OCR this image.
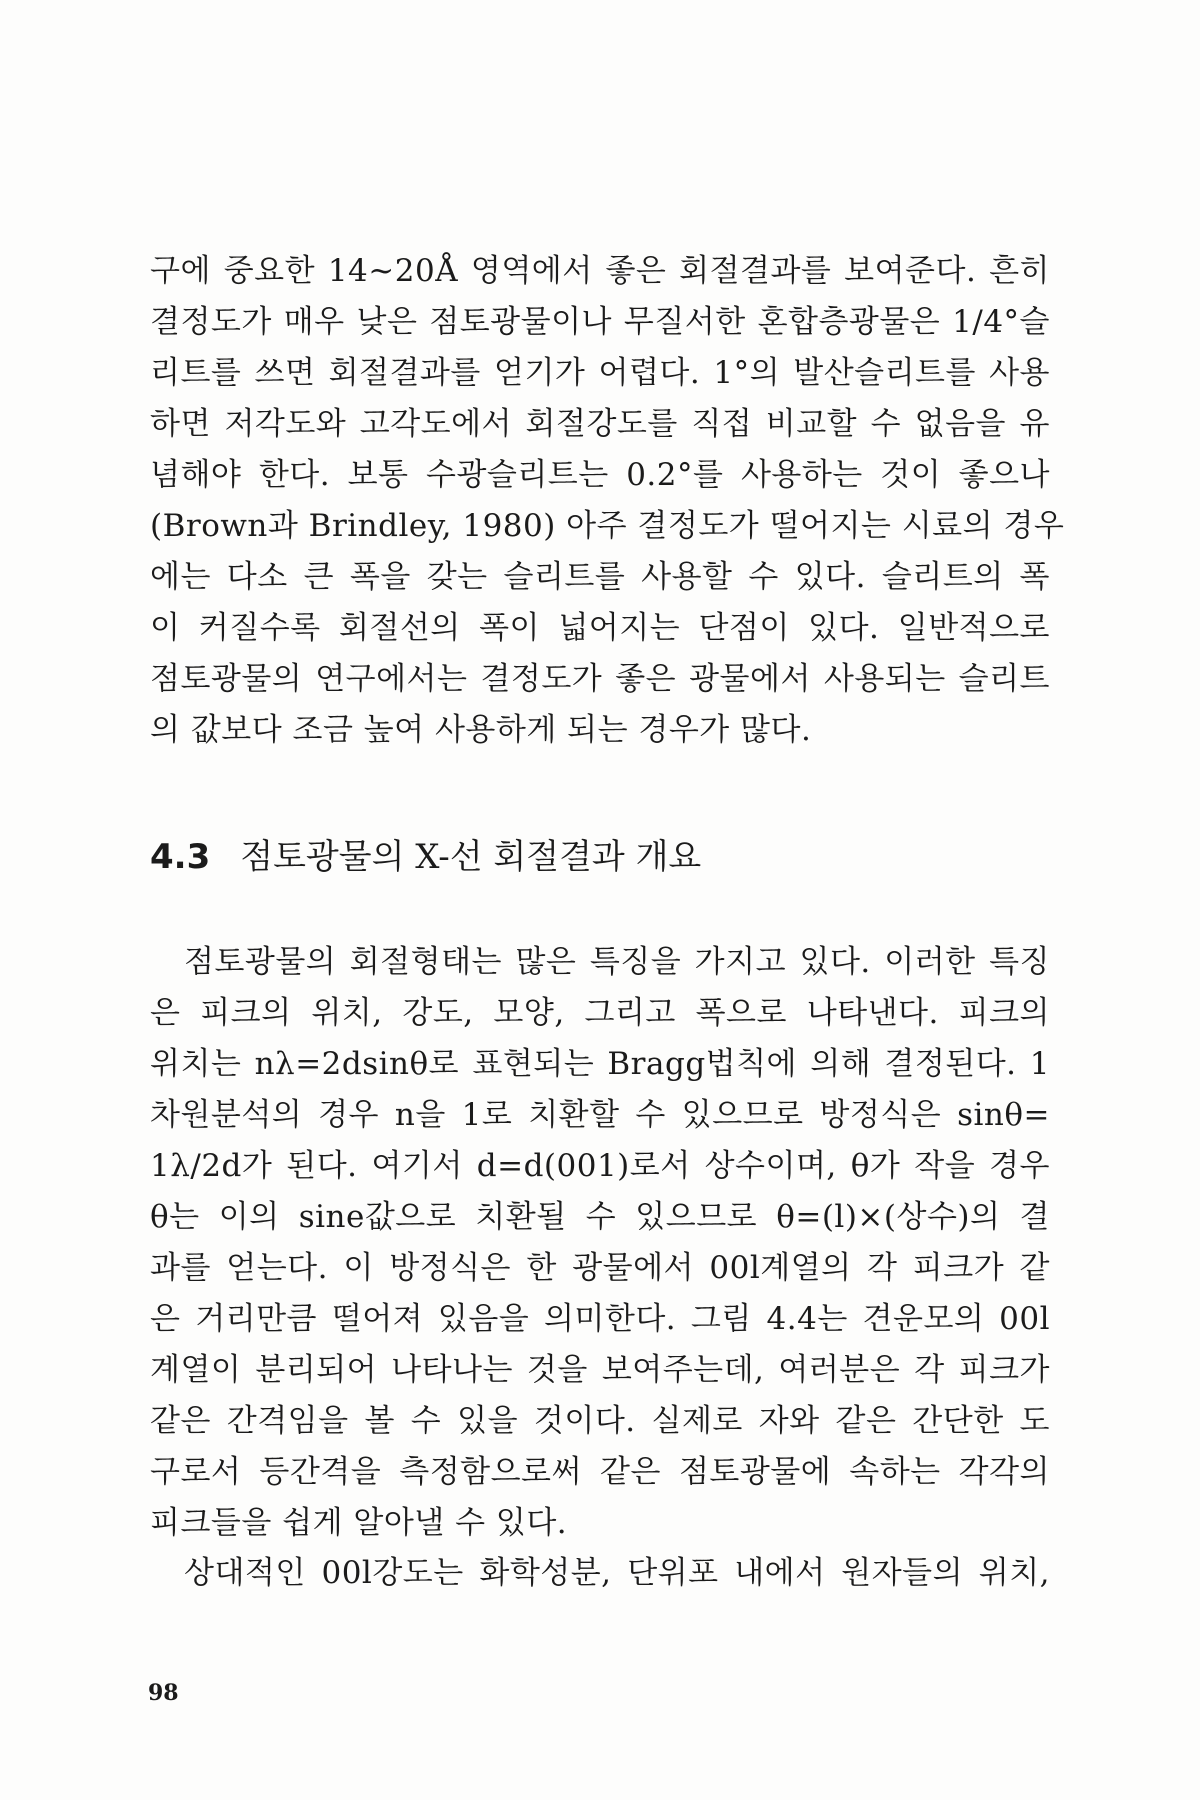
구에 중요한 14~20Å 영역에서 좋은 회절결과를 보여준다. 흔히
결정도가 매우 낮은 점토광물이나 무질서한 혼합층광물은 1/4°슬
리트를 쓰면 회절결과를 얻기가 어렵다. 1°의 발산슬리트를 사용
하면 저각도와 고각도에서 회절강도를 직접 비교할 수 없음을 유
념해야 한다. 보통 수광슬리트는 0.2°를 사용하는 것이 좋으나
(Brown과 Brindley, 1980) 아주 결정도가 떨어지는 시료의 경우
에는 다소 큰 폭을 갖는 슬리트를 사용할 수 있다. 슬리트의 폭
이 커질수록 회절선의 폭이 넓어지는 단점이 있다. 일반적으로
점토광물의 연구에서는 결정도가 좋은 광물에서 사용되는 슬리트
의 값보다 조금 높여 사용하게 되는 경우가 많다.
4.3 점토광물의 X-선 회절결과 개요
점토광물의 회절형태는 많은 특징을 가지고 있다. 이러한 특징
은 피크의 위치, 강도, 모양, 그리고 폭으로 나타낸다. 피크의
위치는 nλ=2dsinθ로 표현되는 Bragg법칙에 의해 결정된다. 1
차원분석의 경우 n을 1로 치환할 수 있으므로 방정식은 sinθ=
1λ/2d가 된다. 여기서 d=d(001)로서 상수이며, θ가 작을 경우
θ는 이의 sine값으로 치환될 수 있으므로 θ=(l)×(상수)의 결
과를 얻는다. 이 방정식은 한 광물에서 00l계열의 각 피크가 같
은 거리만큼 떨어져 있음을 의미한다. 그림 4.4는 견운모의 00l
계열이 분리되어 나타나는 것을 보여주는데, 여러분은 각 피크가
같은 간격임을 볼 수 있을 것이다. 실제로 자와 같은 간단한 도
구로서 등간격을 측정함으로써 같은 점토광물에 속하는 각각의
피크들을 쉽게 알아낼 수 있다.
상대적인 00l강도는 화학성분, 단위포 내에서 원자들의 위치,
98
